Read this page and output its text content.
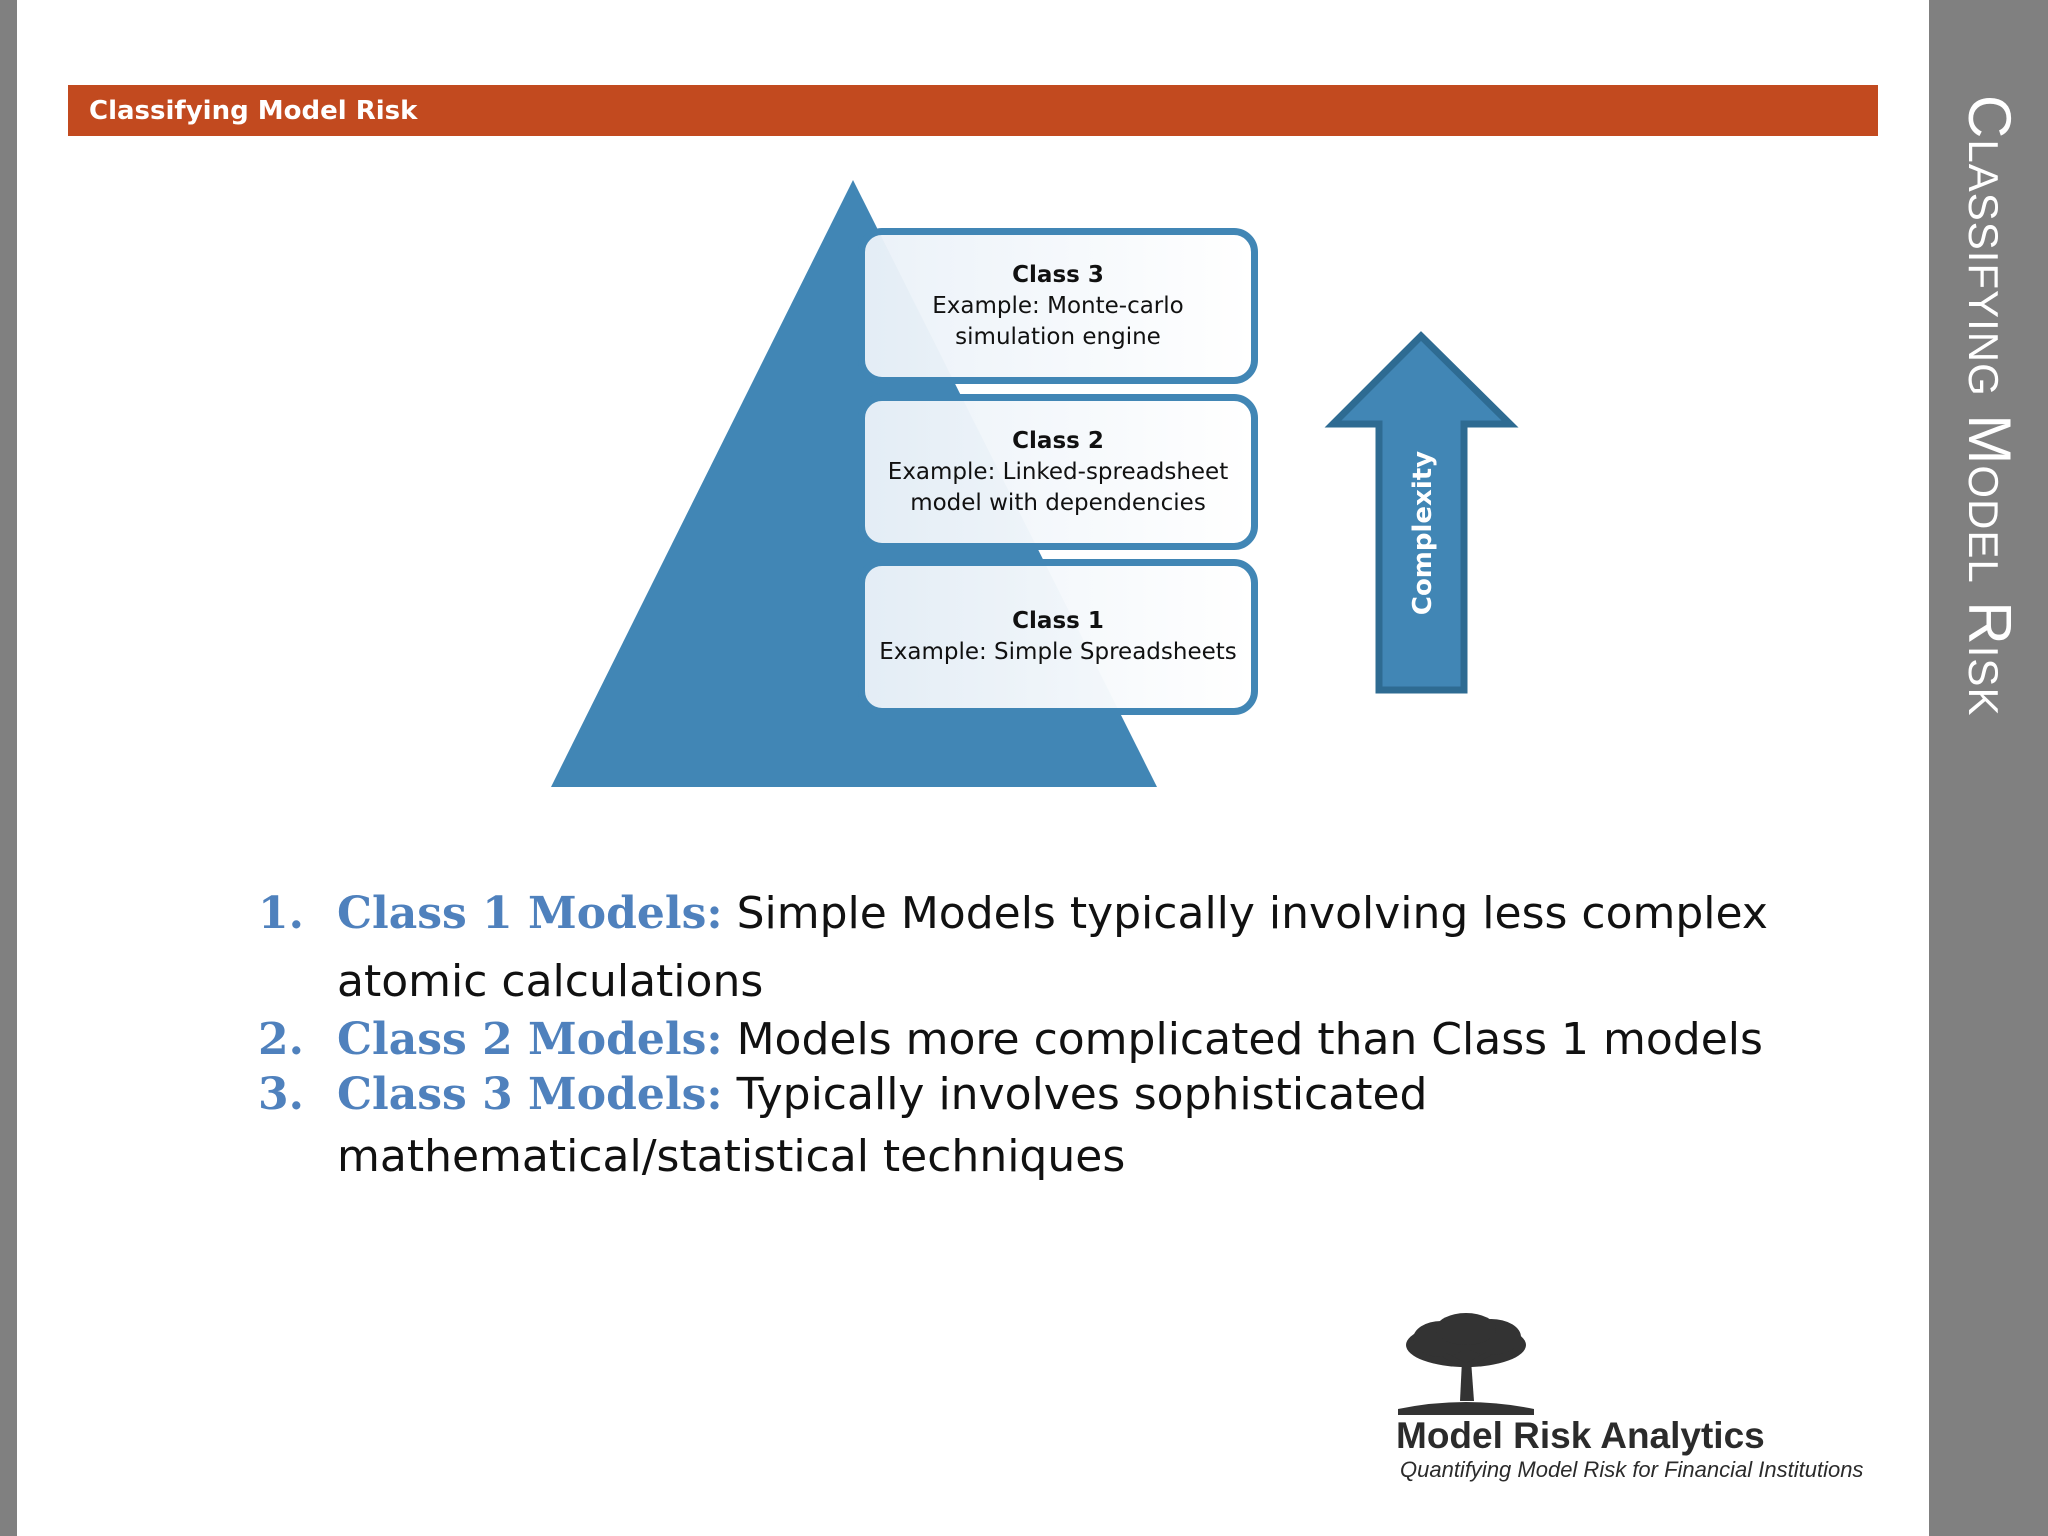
Classifying Model Risk
Classifying Model Risk
Class 3
Example: Monte-carlo simulation engine
Class 2
Example: Linked-spreadsheet model with dependencies
Class 1
Example: Simple Spreadsheets
Complexity
1. Class 1 Models: Simple Models typically involving less complex atomic calculations
2. Class 2 Models: Models more complicated than Class 1 models
3. Class 3 Models: Typically involves sophisticated mathematical/statistical techniques
Model Risk Analytics
Quantifying Model Risk for Financial Institutions
